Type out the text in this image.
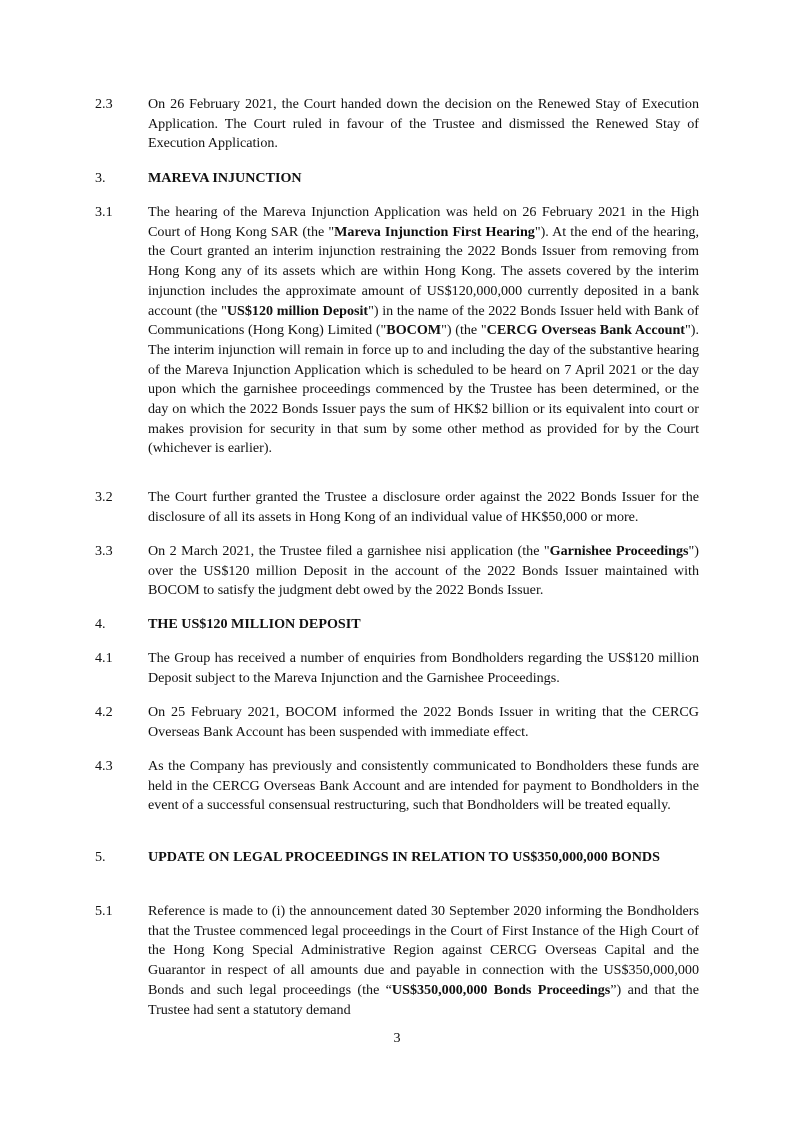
2.3	On 26 February 2021, the Court handed down the decision on the Renewed Stay of Execution Application. The Court ruled in favour of the Trustee and dismissed the Renewed Stay of Execution Application.
3.	MAREVA INJUNCTION
3.1	The hearing of the Mareva Injunction Application was held on 26 February 2021 in the High Court of Hong Kong SAR (the "Mareva Injunction First Hearing"). At the end of the hearing, the Court granted an interim injunction restraining the 2022 Bonds Issuer from removing from Hong Kong any of its assets which are within Hong Kong. The assets covered by the interim injunction includes the approximate amount of US$120,000,000 currently deposited in a bank account (the "US$120 million Deposit") in the name of the 2022 Bonds Issuer held with Bank of Communications (Hong Kong) Limited ("BOCOM") (the "CERCG Overseas Bank Account"). The interim injunction will remain in force up to and including the day of the substantive hearing of the Mareva Injunction Application which is scheduled to be heard on 7 April 2021 or the day upon which the garnishee proceedings commenced by the Trustee has been determined, or the day on which the 2022 Bonds Issuer pays the sum of HK$2 billion or its equivalent into court or makes provision for security in that sum by some other method as provided for by the Court (whichever is earlier).
3.2	The Court further granted the Trustee a disclosure order against the 2022 Bonds Issuer for the disclosure of all its assets in Hong Kong of an individual value of HK$50,000 or more.
3.3	On 2 March 2021, the Trustee filed a garnishee nisi application (the "Garnishee Proceedings") over the US$120 million Deposit in the account of the 2022 Bonds Issuer maintained with BOCOM to satisfy the judgment debt owed by the 2022 Bonds Issuer.
4.	THE US$120 MILLION DEPOSIT
4.1	The Group has received a number of enquiries from Bondholders regarding the US$120 million Deposit subject to the Mareva Injunction and the Garnishee Proceedings.
4.2	On 25 February 2021, BOCOM informed the 2022 Bonds Issuer in writing that the CERCG Overseas Bank Account has been suspended with immediate effect.
4.3	As the Company has previously and consistently communicated to Bondholders these funds are held in the CERCG Overseas Bank Account and are intended for payment to Bondholders in the event of a successful consensual restructuring, such that Bondholders will be treated equally.
5.	UPDATE ON LEGAL PROCEEDINGS IN RELATION TO US$350,000,000 BONDS
5.1	Reference is made to (i) the announcement dated 30 September 2020 informing the Bondholders that the Trustee commenced legal proceedings in the Court of First Instance of the High Court of the Hong Kong Special Administrative Region against CERCG Overseas Capital and the Guarantor in respect of all amounts due and payable in connection with the US$350,000,000 Bonds and such legal proceedings (the “US$350,000,000 Bonds Proceedings”) and that the Trustee had sent a statutory demand
3
